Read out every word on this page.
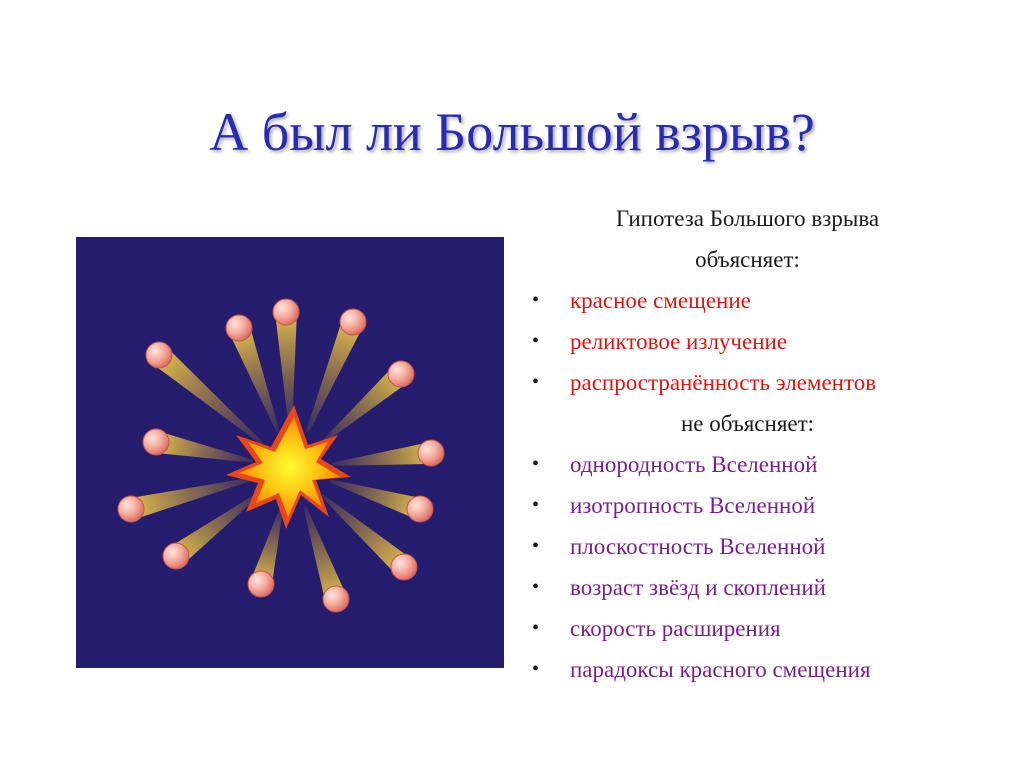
А был ли Большой взрыв?
Гипотеза Большого взрыва
объясняет:
• красное смещение
• реликтовое излучение
• распространённость элементов
не объясняет:
• однородность Вселенной
• изотропность Вселенной
• плоскостность Вселенной
• возраст звёзд и скоплений
• скорость расширения
• парадоксы красного смещения
